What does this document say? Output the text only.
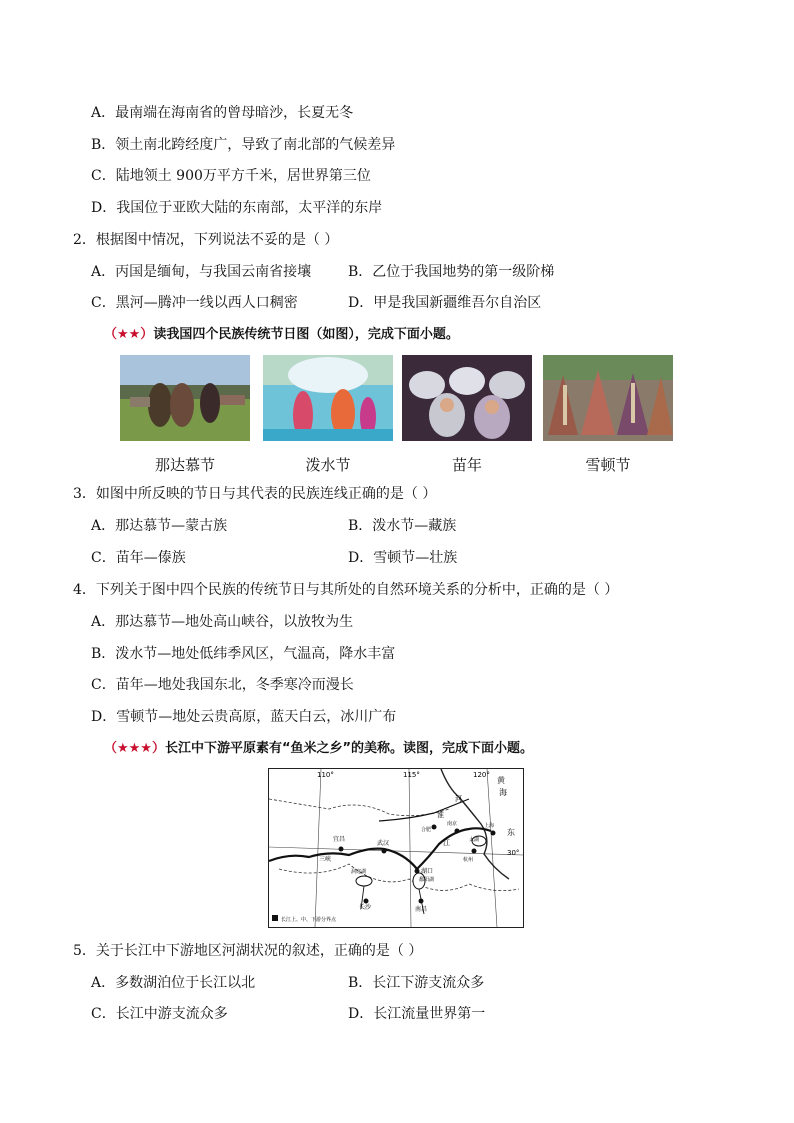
A．最南端在海南省的曾母暗沙，长夏无冬
B．领土南北跨经度广，导致了南北部的气候差异
C．陆地领土 900万平方千米，居世界第三位
D．我国位于亚欧大陆的东南部，太平洋的东岸
2．根据图中情况，下列说法不妥的是（ ）
A．丙国是缅甸，与我国云南省接壤	B．乙位于我国地势的第一级阶梯
C．黑河—腾冲一线以西人口稠密	D．甲是我国新疆维吾尔自治区
（★★）读我国四个民族传统节日图（如图），完成下面小题。
那达慕节	泼水节	苗年	雪顿节
3．如图中所反映的节日与其代表的民族连线正确的是（ ）
A．那达慕节—蒙古族	B．泼水节—藏族
C．苗年—傣族	D．雪顿节—壮族
4．下列关于图中四个民族的传统节日与其所处的自然环境关系的分析中，正确的是（ ）
A．那达慕节—地处高山峡谷，以放牧为生
B．泼水节—地处低纬季风区，气温高，降水丰富
C．苗年—地处我国东北，冬季寒冷而漫长
D．雪顿节—地处云贵高原，蓝天白云，冰川广布
（★★★）长江中下游平原素有“鱼米之乡”的美称。读图，完成下面小题。
110°	115°	120°
30°
黄
海
东
淮
河
江
合肥
南京
太湖
上海
杭州
宜昌
武汉
湖口
鄱阳湖
长沙	南昌
洞庭湖
三峡
长江上、中、下游分界点
5．关于长江中下游地区河湖状况的叙述，正确的是（ ）
A．多数湖泊位于长江以北	B．长江下游支流众多
C．长江中游支流众多	D．长江流量世界第一
